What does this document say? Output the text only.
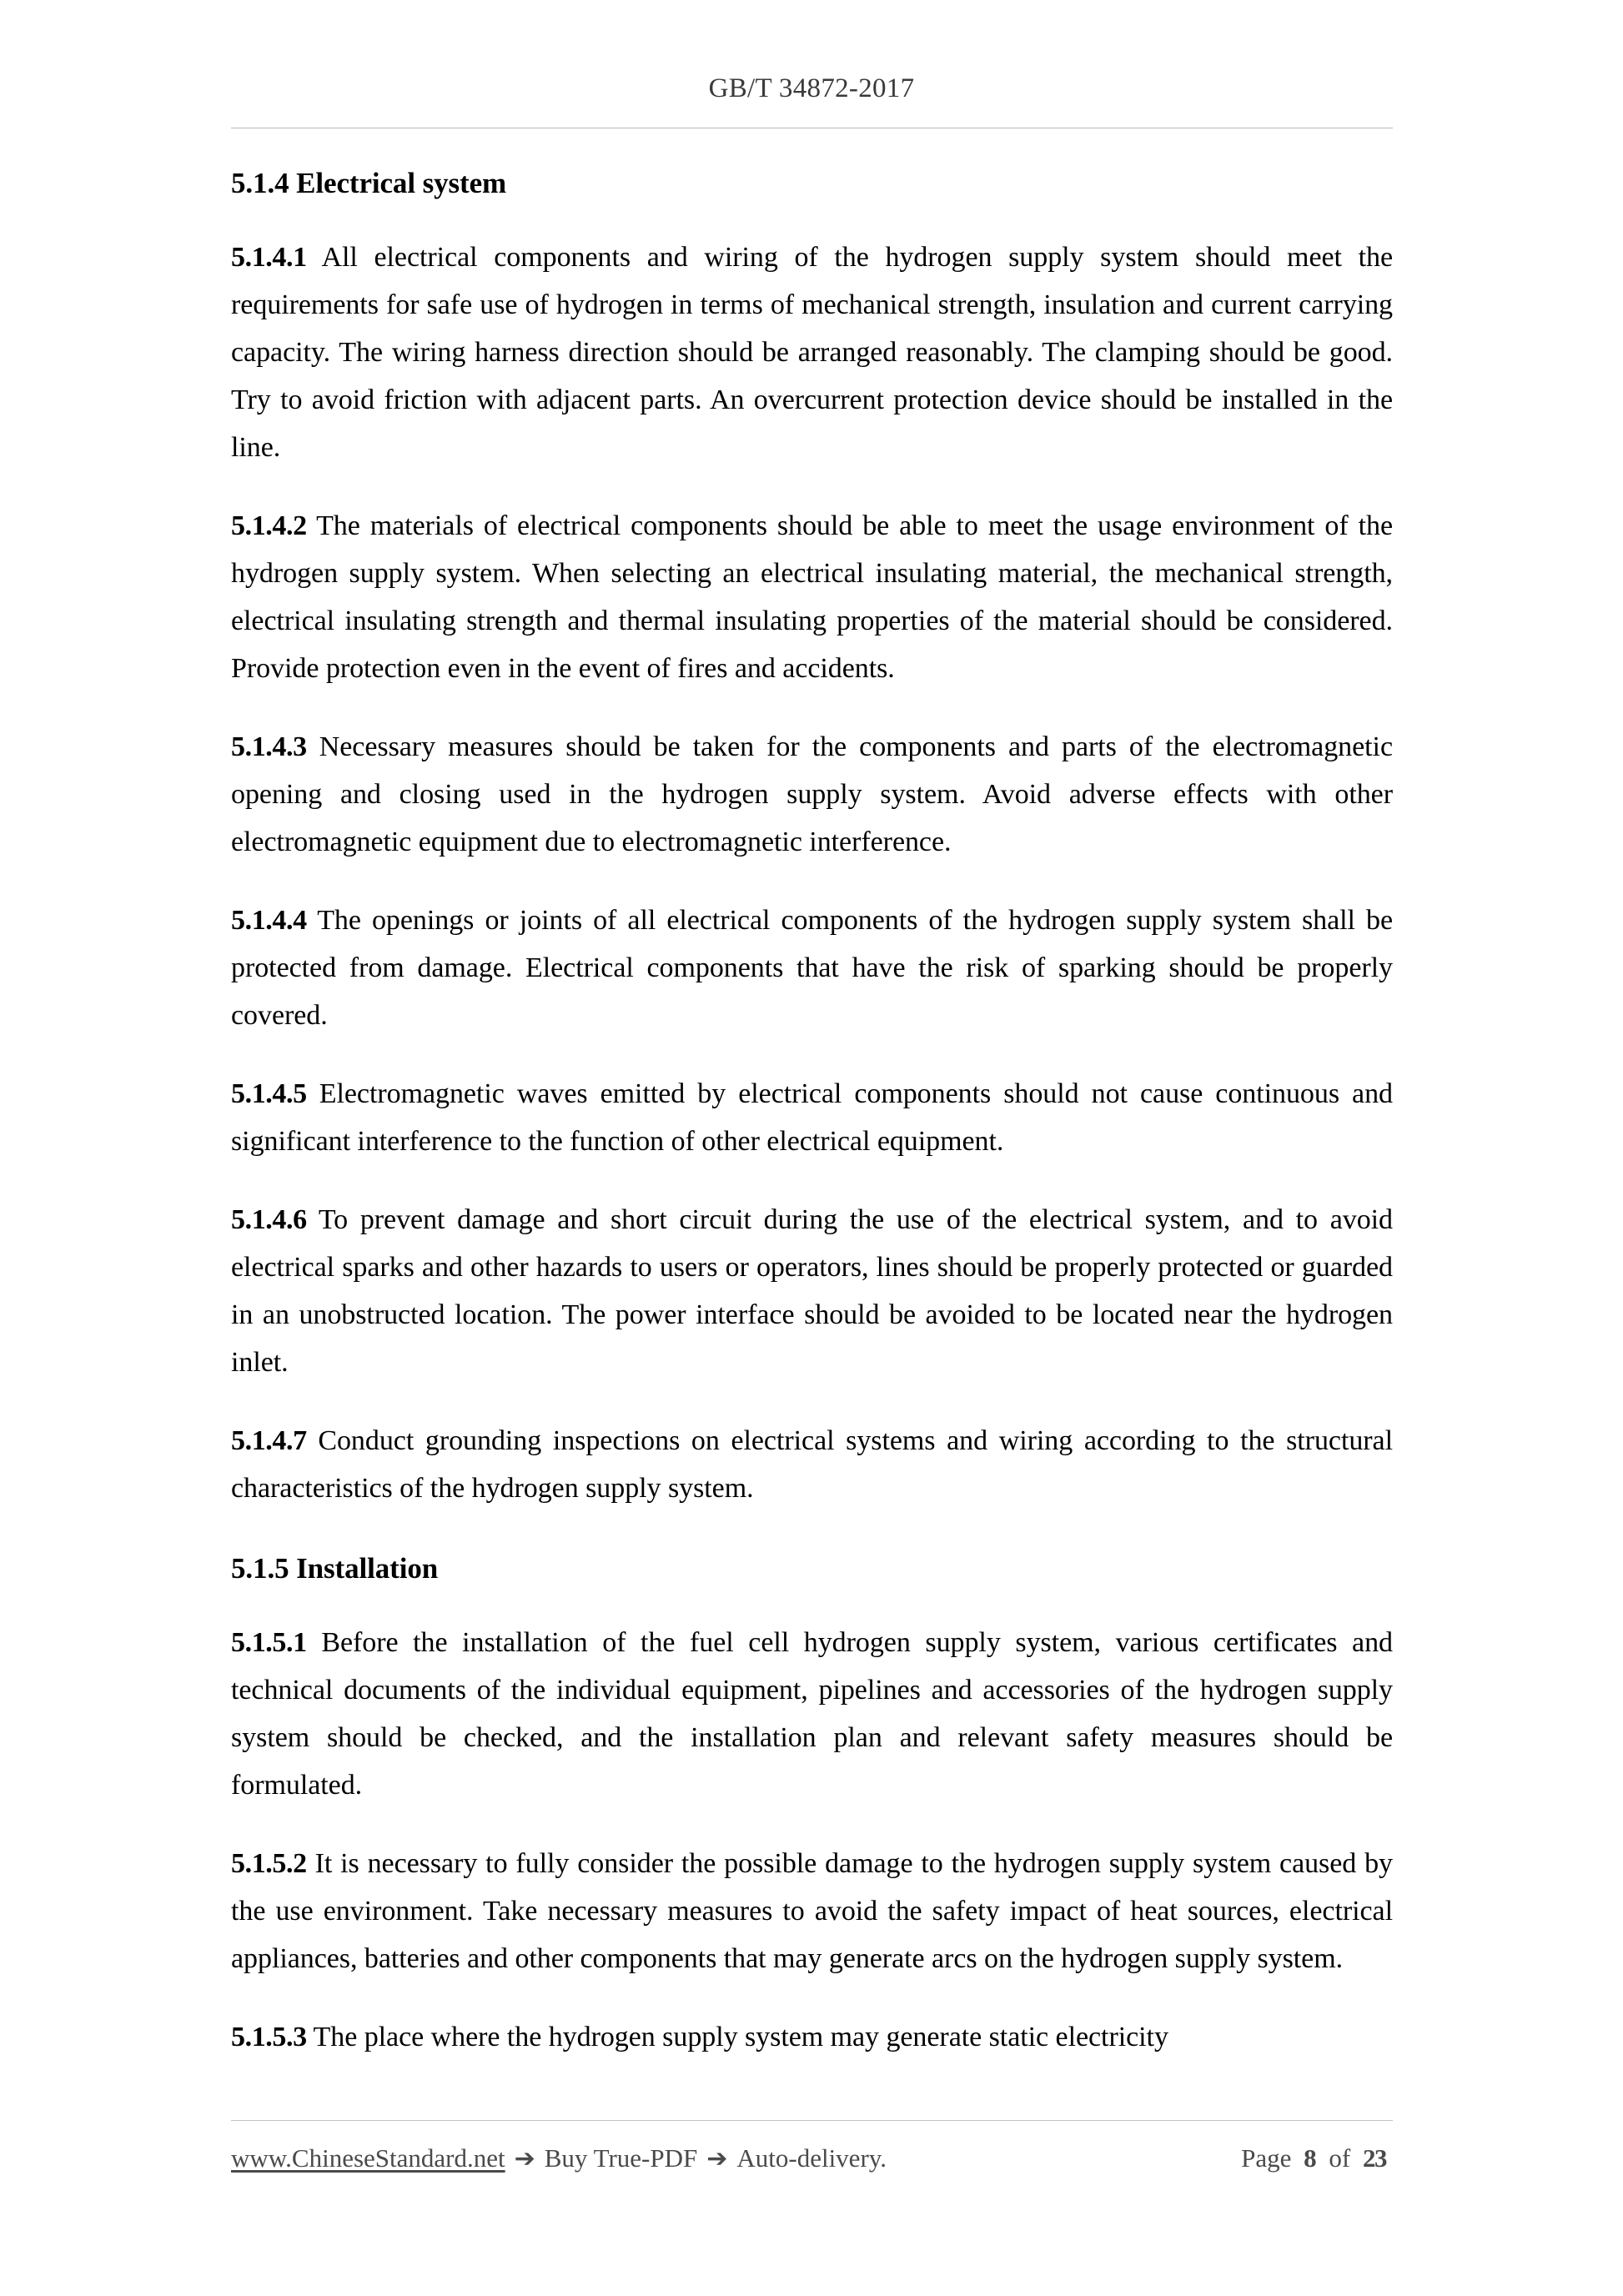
GB/T 34872-2017
5.1.4 Electrical system

5.1.4.1 All electrical components and wiring of the hydrogen supply system should meet the requirements for safe use of hydrogen in terms of mechanical strength, insulation and current carrying capacity. The wiring harness direction should be arranged reasonably. The clamping should be good. Try to avoid friction with adjacent parts. An overcurrent protection device should be installed in the line.

5.1.4.2 The materials of electrical components should be able to meet the usage environment of the hydrogen supply system. When selecting an electrical insulating material, the mechanical strength, electrical insulating strength and thermal insulating properties of the material should be considered. Provide protection even in the event of fires and accidents.

5.1.4.3 Necessary measures should be taken for the components and parts of the electromagnetic opening and closing used in the hydrogen supply system. Avoid adverse effects with other electromagnetic equipment due to electromagnetic interference.

5.1.4.4 The openings or joints of all electrical components of the hydrogen supply system shall be protected from damage. Electrical components that have the risk of sparking should be properly covered.

5.1.4.5 Electromagnetic waves emitted by electrical components should not cause continuous and significant interference to the function of other electrical equipment.

5.1.4.6 To prevent damage and short circuit during the use of the electrical system, and to avoid electrical sparks and other hazards to users or operators, lines should be properly protected or guarded in an unobstructed location. The power interface should be avoided to be located near the hydrogen inlet.

5.1.4.7 Conduct grounding inspections on electrical systems and wiring according to the structural characteristics of the hydrogen supply system.

5.1.5 Installation

5.1.5.1 Before the installation of the fuel cell hydrogen supply system, various certificates and technical documents of the individual equipment, pipelines and accessories of the hydrogen supply system should be checked, and the installation plan and relevant safety measures should be formulated.

5.1.5.2 It is necessary to fully consider the possible damage to the hydrogen supply system caused by the use environment. Take necessary measures to avoid the safety impact of heat sources, electrical appliances, batteries and other components that may generate arcs on the hydrogen supply system.

5.1.5.3 The place where the hydrogen supply system may generate static electricity

www.ChineseStandard.net ➔ Buy True-PDF ➔ Auto-delivery.	Page 8 of 23
